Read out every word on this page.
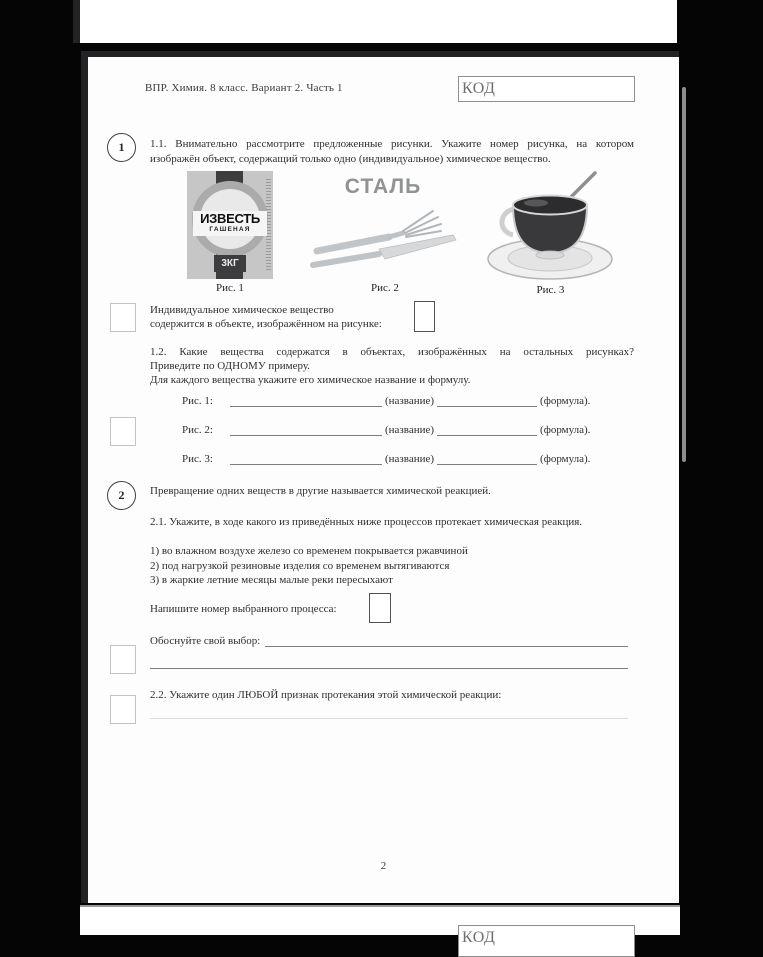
ВПР. Химия. 8 класс. Вариант 2. Часть 1	КОД
1	1.1. Внимательно рассмотрите предложенные рисунки. Укажите номер рисунка, на котором
изображён объект, содержащий только одно (индивидуальное) химическое вещество.
ИЗВЕСТЬ
ГАШЕНАЯ
3КГ
Рис. 1
СТАЛЬ
Рис. 2	Рис. 3
Индивидуальное химическое вещество
содержится в объекте, изображённом на рисунке:
1.2. Какие вещества содержатся в объектах, изображённых на остальных рисунках?
Приведите по ОДНОМУ примеру.
Для каждого вещества укажите его химическое название и формулу.
Рис. 1:	(название)	(формула).
Рис. 2:	(название)	(формула).
Рис. 3:	(название)	(формула).
2	Превращение одних веществ в другие называется химической реакцией.
2.1. Укажите, в ходе какого из приведённых ниже процессов протекает химическая реакция.
1) во влажном воздухе железо со временем покрывается ржавчиной
2) под нагрузкой резиновые изделия со временем вытягиваются
3) в жаркие летние месяцы малые реки пересыхают
Напишите номер выбранного процесса:
Обоснуйте свой выбор:
2.2. Укажите один ЛЮБОЙ признак протекания этой химической реакции:
2
КОД
